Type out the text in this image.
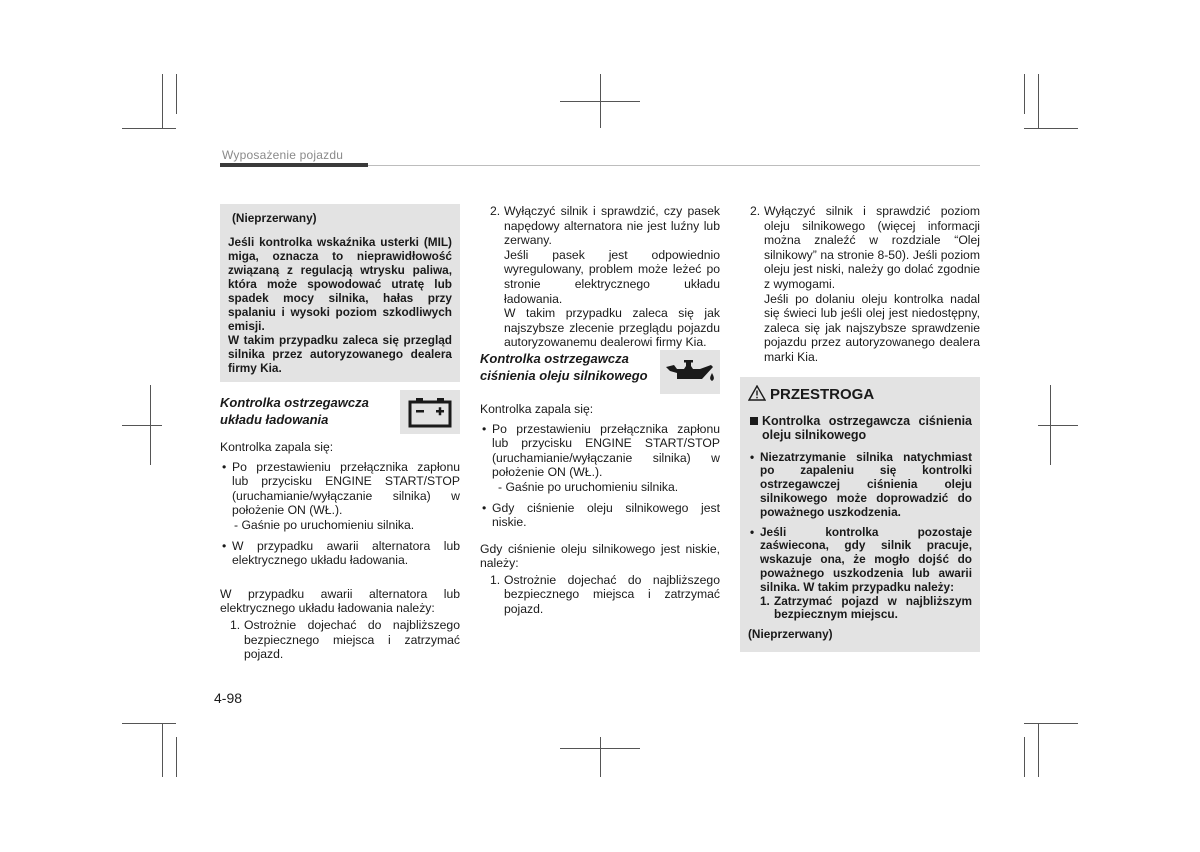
Wyposażenie pojazdu

(Nieprzerwany)

Jeśli kontrolka wskaźnika usterki (MIL) miga, oznacza to nieprawidłowość związaną z regulacją wtrysku paliwa, która może spowodować utratę lub spadek mocy silnika, hałas przy spalaniu i wysoki poziom szkodliwych emisji.

W takim przypadku zaleca się przegląd silnika przez autoryzowanego dealera firmy Kia.

Kontrolka ostrzegawcza układu ładowania
Kontrolka zapala się:
• Po przestawieniu przełącznika zapłonu lub przycisku ENGINE START/STOP (uruchamianie/wyłączanie silnika) w położenie ON (WŁ.).
- Gaśnie po uruchomieniu silnika.
• W przypadku awarii alternatora lub elektrycznego układu ładowania.
W przypadku awarii alternatora lub elektrycznego układu ładowania należy:
1. Ostrożnie dojechać do najbliższego bezpiecznego miejsca i zatrzymać pojazd.
2. Wyłączyć silnik i sprawdzić, czy pasek napędowy alternatora nie jest luźny lub zerwany.
Jeśli pasek jest odpowiednio wyregulowany, problem może leżeć po stronie elektrycznego układu ładowania.
W takim przypadku zaleca się jak najszybsze zlecenie przeglądu pojazdu autoryzowanemu dealerowi firmy Kia.
Kontrolka ostrzegawcza ciśnienia oleju silnikowego
Kontrolka zapala się:
• Po przestawieniu przełącznika zapłonu lub przycisku ENGINE START/STOP (uruchamianie/wyłączanie silnika) w położenie ON (WŁ.).
- Gaśnie po uruchomieniu silnika.
• Gdy ciśnienie oleju silnikowego jest niskie.
Gdy ciśnienie oleju silnikowego jest niskie, należy:
1. Ostrożnie dojechać do najbliższego bezpiecznego miejsca i zatrzymać pojazd.
2. Wyłączyć silnik i sprawdzić poziom oleju silnikowego (więcej informacji można znaleźć w rozdziale “Olej silnikowy” na stronie 8-50). Jeśli poziom oleju jest niski, należy go dolać zgodnie z wymogami.
Jeśli po dolaniu oleju kontrolka nadal się świeci lub jeśli olej jest niedostępny, zaleca się jak najszybsze sprawdzenie pojazdu przez autoryzowanego dealera marki Kia.
PRZESTROGA
Kontrolka ostrzegawcza ciśnienia oleju silnikowego
• Niezatrzymanie silnika natychmiast po zapaleniu się kontrolki ostrzegawczej ciśnienia oleju silnikowego może doprowadzić do poważnego uszkodzenia.
• Jeśli kontrolka pozostaje zaświecona, gdy silnik pracuje, wskazuje ona, że mogło dojść do poważnego uszkodzenia lub awarii silnika. W takim przypadku należy:
1. Zatrzymać pojazd w najbliższym bezpiecznym miejscu.
(Nieprzerwany)
4-98
